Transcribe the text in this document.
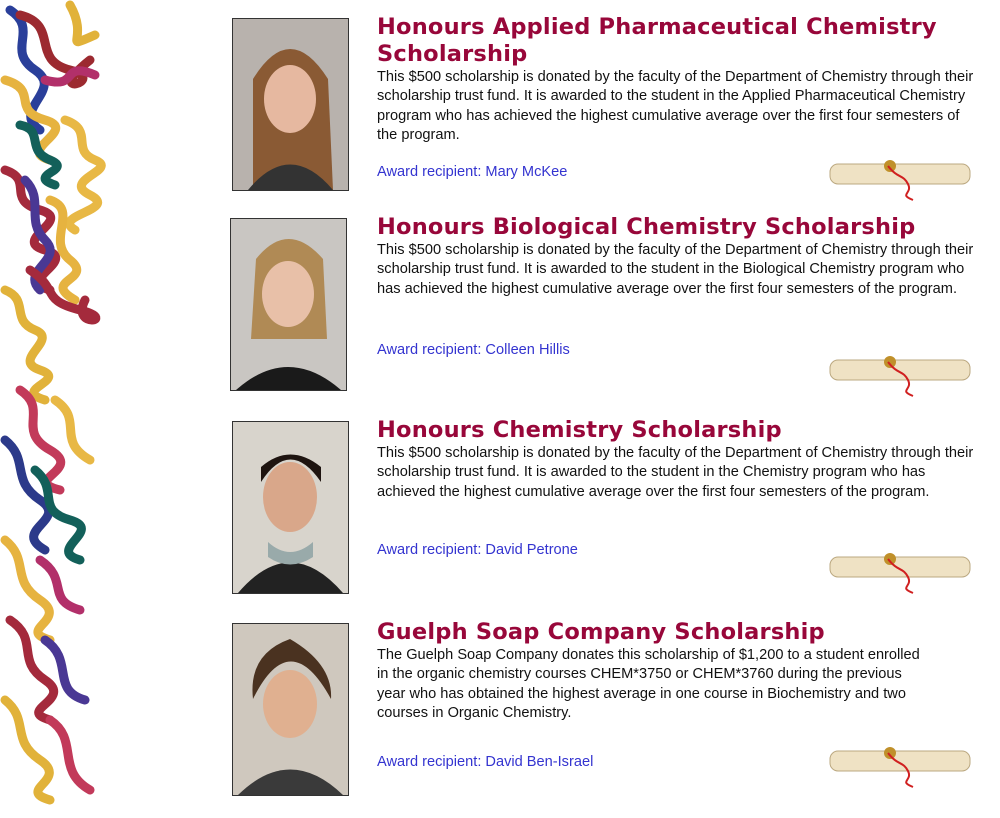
Honours Applied Pharmaceutical Chemistry Scholarship
This $500 scholarship is donated by the faculty of the Department of Chemistry through their scholarship trust fund. It is awarded to the student in the Applied Pharmaceutical Chemistry program who has achieved the highest cumulative average over the first four semesters of the program.
Award recipient: Mary McKee
Honours Biological Chemistry Scholarship
This $500 scholarship is donated by the faculty of the Department of Chemistry through their scholarship trust fund. It is awarded to the student in the Biological Chemistry program who has achieved the highest cumulative average over the first four semesters of the program.
Award recipient: Colleen Hillis
Honours Chemistry Scholarship
This $500 scholarship is donated by the faculty of the Department of Chemistry through their scholarship trust fund. It is awarded to the student in the Chemistry program who has achieved the highest cumulative average over the first four semesters of the program.
Award recipient: David Petrone
Guelph Soap Company Scholarship
The Guelph Soap Company donates this scholarship of $1,200 to a student enrolled in the organic chemistry courses CHEM*3750 or CHEM*3760 during the previous year who has obtained the highest average in one course in Biochemistry and two courses in Organic Chemistry.
Award recipient: David Ben-Israel
